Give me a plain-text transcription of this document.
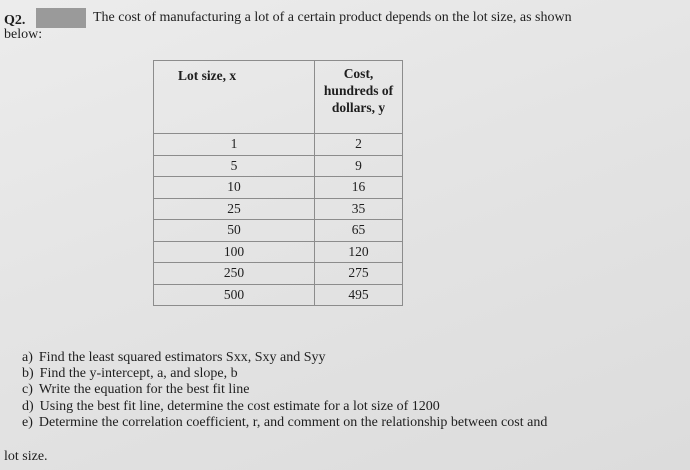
Q2.	The cost of manufacturing a lot of a certain product depends on the lot size, as shown
below:
Lot size, x	Cost,
hundreds of
dollars, y

1	2
5	9
10	16
25	35
50	65
100	120
250	275
500	495
a) Find the least squared estimators Sxx, Sxy and Syy
b) Find the y-intercept, a, and slope, b
c) Write the equation for the best fit line
d) Using the best fit line, determine the cost estimate for a lot size of 1200
e) Determine the correlation coefficient, r, and comment on the relationship between cost and
lot size.
